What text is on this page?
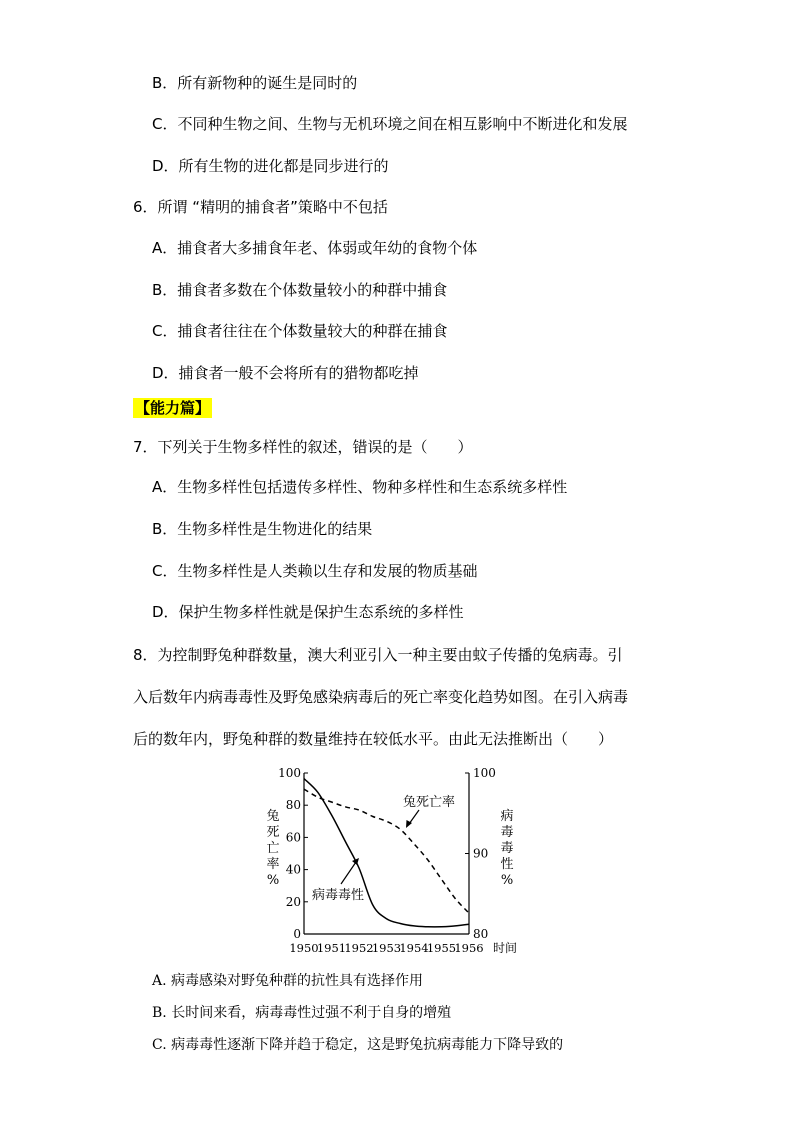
B．所有新物种的诞生是同时的
C．不同种生物之间、生物与无机环境之间在相互影响中不断进化和发展
D．所有生物的进化都是同步进行的
6．所谓 “精明的捕食者”策略中不包括
A．捕食者大多捕食年老、体弱或年幼的食物个体
B．捕食者多数在个体数量较小的种群中捕食
C．捕食者往往在个体数量较大的种群在捕食
D．捕食者一般不会将所有的猎物都吃掉
【能力篇】
7．下列关于生物多样性的叙述，错误的是（　　）
A．生物多样性包括遗传多样性、物种多样性和生态系统多样性
B．生物多样性是生物进化的结果
C．生物多样性是人类赖以生存和发展的物质基础
D．保护生物多样性就是保护生态系统的多样性
8．为控制野兔种群数量，澳大利亚引入一种主要由蚊子传播的兔病毒。引
入后数年内病毒毒性及野兔感染病毒后的死亡率变化趋势如图。在引入病毒
后的数年内，野兔种群的数量维持在较低水平。由此无法推断出（　　）
0
20
40
60
80
100
80
90
100
1950
1951
1952
1953
1954
1955
1956 时间
兔
死
亡
率
%
病
毒
毒
性
%
兔死亡率
病毒毒性
A. 病毒感染对野兔种群的抗性具有选择作用
B. 长时间来看，病毒毒性过强不利于自身的增殖
C. 病毒毒性逐渐下降并趋于稳定，这是野兔抗病毒能力下降导致的
